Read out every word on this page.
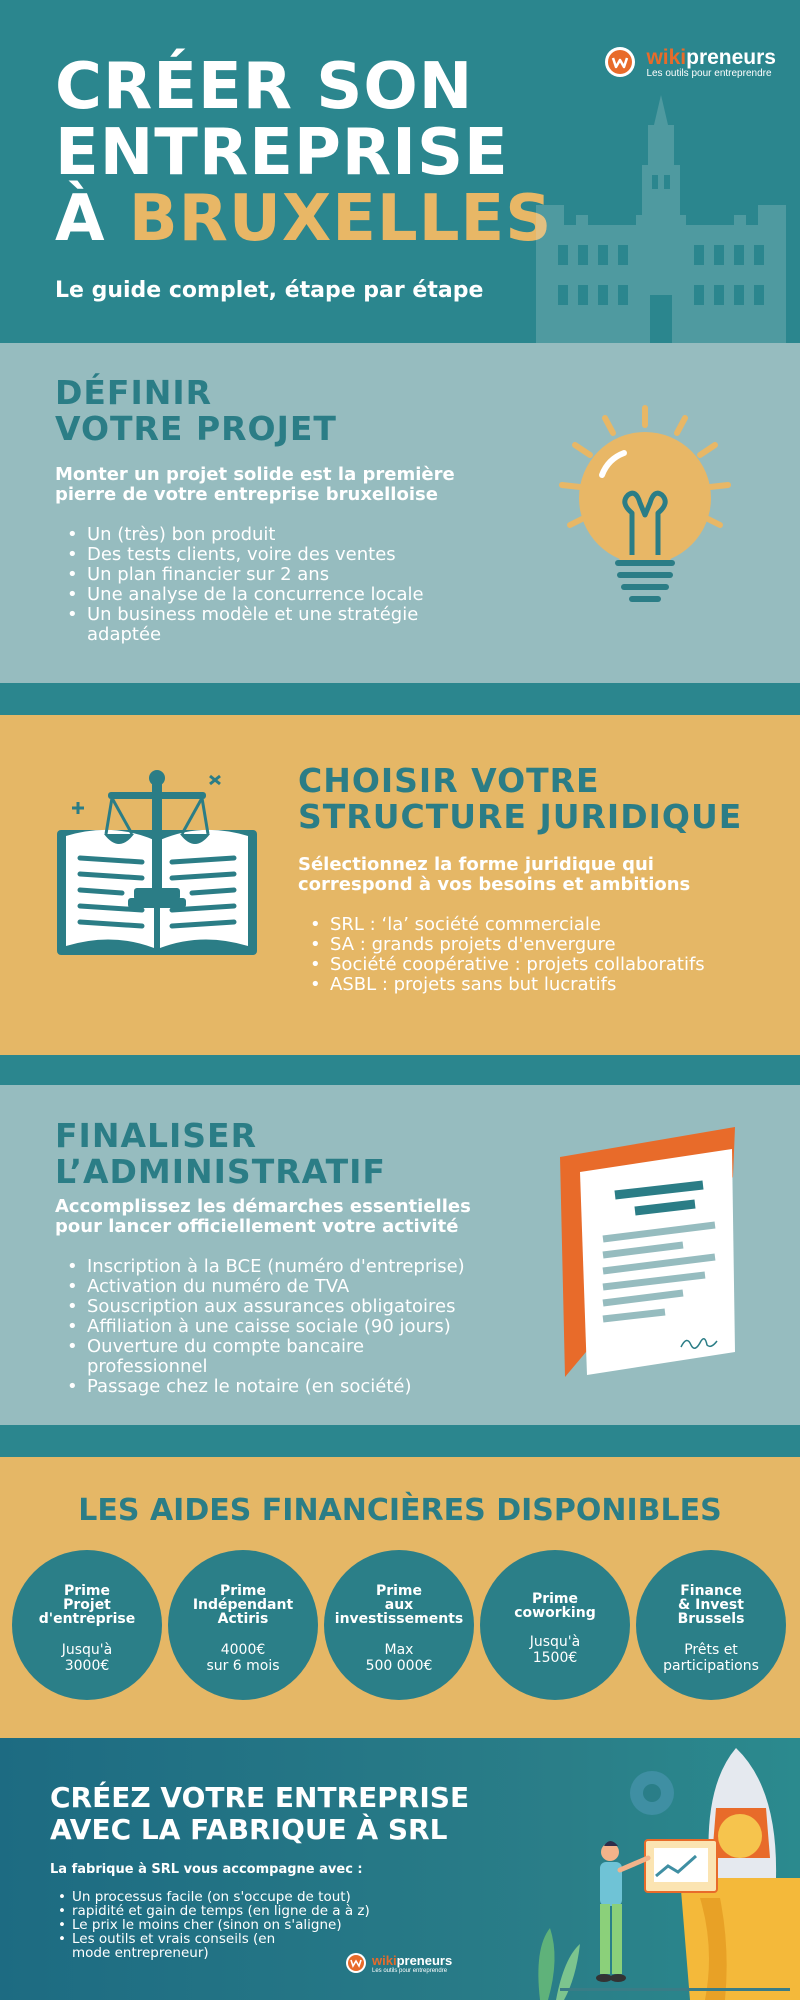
CRÉER SON
ENTREPRISE
À BRUXELLES
Le guide complet, étape par étape
wikipreneurs
Les outils pour entreprendre
DÉFINIR
VOTRE PROJET
Monter un projet solide est la première
pierre de votre entreprise bruxelloise
• Un (très) bon produit
• Des tests clients, voire des ventes
• Un plan financier sur 2 ans
• Une analyse de la concurrence locale
• Un business modèle et une stratégie adaptée
CHOISIR VOTRE
STRUCTURE JURIDIQUE
Sélectionnez la forme juridique qui
correspond à vos besoins et ambitions
• SRL : ‘la’ société commerciale
• SA : grands projets d'envergure
• Société coopérative : projets collaboratifs
• ASBL : projets sans but lucratifs
FINALISER
L’ADMINISTRATIF
Accomplissez les démarches essentielles
pour lancer officiellement votre activité
• Inscription à la BCE (numéro d'entreprise)
• Activation du numéro de TVA
• Souscription aux assurances obligatoires
• Affiliation à une caisse sociale (90 jours)
• Ouverture du compte bancaire professionnel
• Passage chez le notaire (en société)
LES AIDES FINANCIÈRES DISPONIBLES
Prime
Projet
d'entreprise
Jusqu'à
3000€
Prime
Indépendant
Actiris
4000€
sur 6 mois
Prime
aux
investissements
Max
500 000€
Prime
coworking
Jusqu'à
1500€
Finance
& Invest
Brussels
Prêts et
participations
CRÉEZ VOTRE ENTREPRISE
AVEC LA FABRIQUE À SRL
La fabrique à SRL vous accompagne avec :
• Un processus facile (on s'occupe de tout)
• rapidité et gain de temps (en ligne de a à z)
• Le prix le moins cher (sinon on s'aligne)
• Les outils et vrais conseils (en mode entrepreneur)	wikipreneurs
Les outils pour entreprendre
